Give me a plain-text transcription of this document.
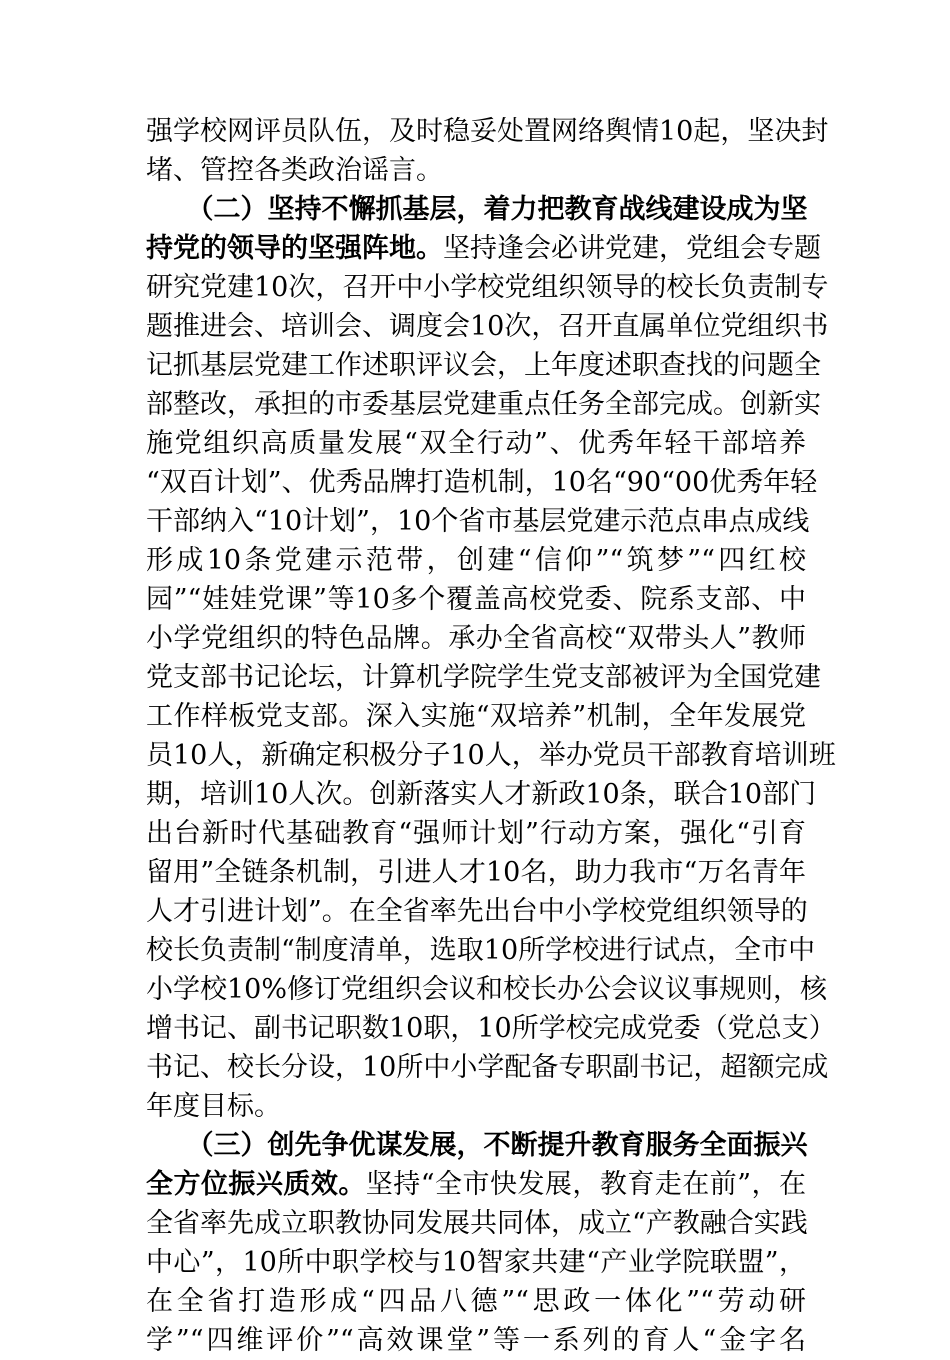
强学校网评员队伍，及时稳妥处置网络舆情10起，坚决封
堵、管控各类政治谣言。
　　（二）坚持不懈抓基层，着力把教育战线建设成为坚
持党的领导的坚强阵地。坚持逢会必讲党建，党组会专题
研究党建10次，召开中小学校党组织领导的校长负责制专
题推进会、培训会、调度会10次，召开直属单位党组织书
记抓基层党建工作述职评议会，上年度述职查找的问题全
部整改，承担的市委基层党建重点任务全部完成。创新实
施党组织高质量发展“双全行动”、优秀年轻干部培养
“双百计划”、优秀品牌打造机制，10名“90“00优秀年轻
干部纳入“10计划”，10个省市基层党建示范点串点成线
形成10条党建示范带，创建“信仰”“筑梦”“四红校
园”“娃娃党课”等10多个覆盖高校党委、院系支部、中
小学党组织的特色品牌。承办全省高校“双带头人”教师
党支部书记论坛，计算机学院学生党支部被评为全国党建
工作样板党支部。深入实施“双培养”机制，全年发展党
员10人，新确定积极分子10人，举办党员干部教育培训班
期，培训10人次。创新落实人才新政10条，联合10部门
出台新时代基础教育“强师计划”行动方案，强化“引育
留用”全链条机制，引进人才10名，助力我市“万名青年
人才引进计划”。在全省率先出台中小学校党组织领导的
校长负责制“制度清单，选取10所学校进行试点，全市中
小学校10%修订党组织会议和校长办公会议议事规则，核
增书记、副书记职数10职，10所学校完成党委（党总支）
书记、校长分设，10所中小学配备专职副书记，超额完成
年度目标。
　　（三）创先争优谋发展，不断提升教育服务全面振兴
全方位振兴质效。坚持“全市快发展，教育走在前”，在
全省率先成立职教协同发展共同体，成立“产教融合实践
中心”，10所中职学校与10智家共建“产业学院联盟”，
在全省打造形成“四品八德”“思政一体化”“劳动研
学”“四维评价”“高效课堂”等一系列的育人“金字名
